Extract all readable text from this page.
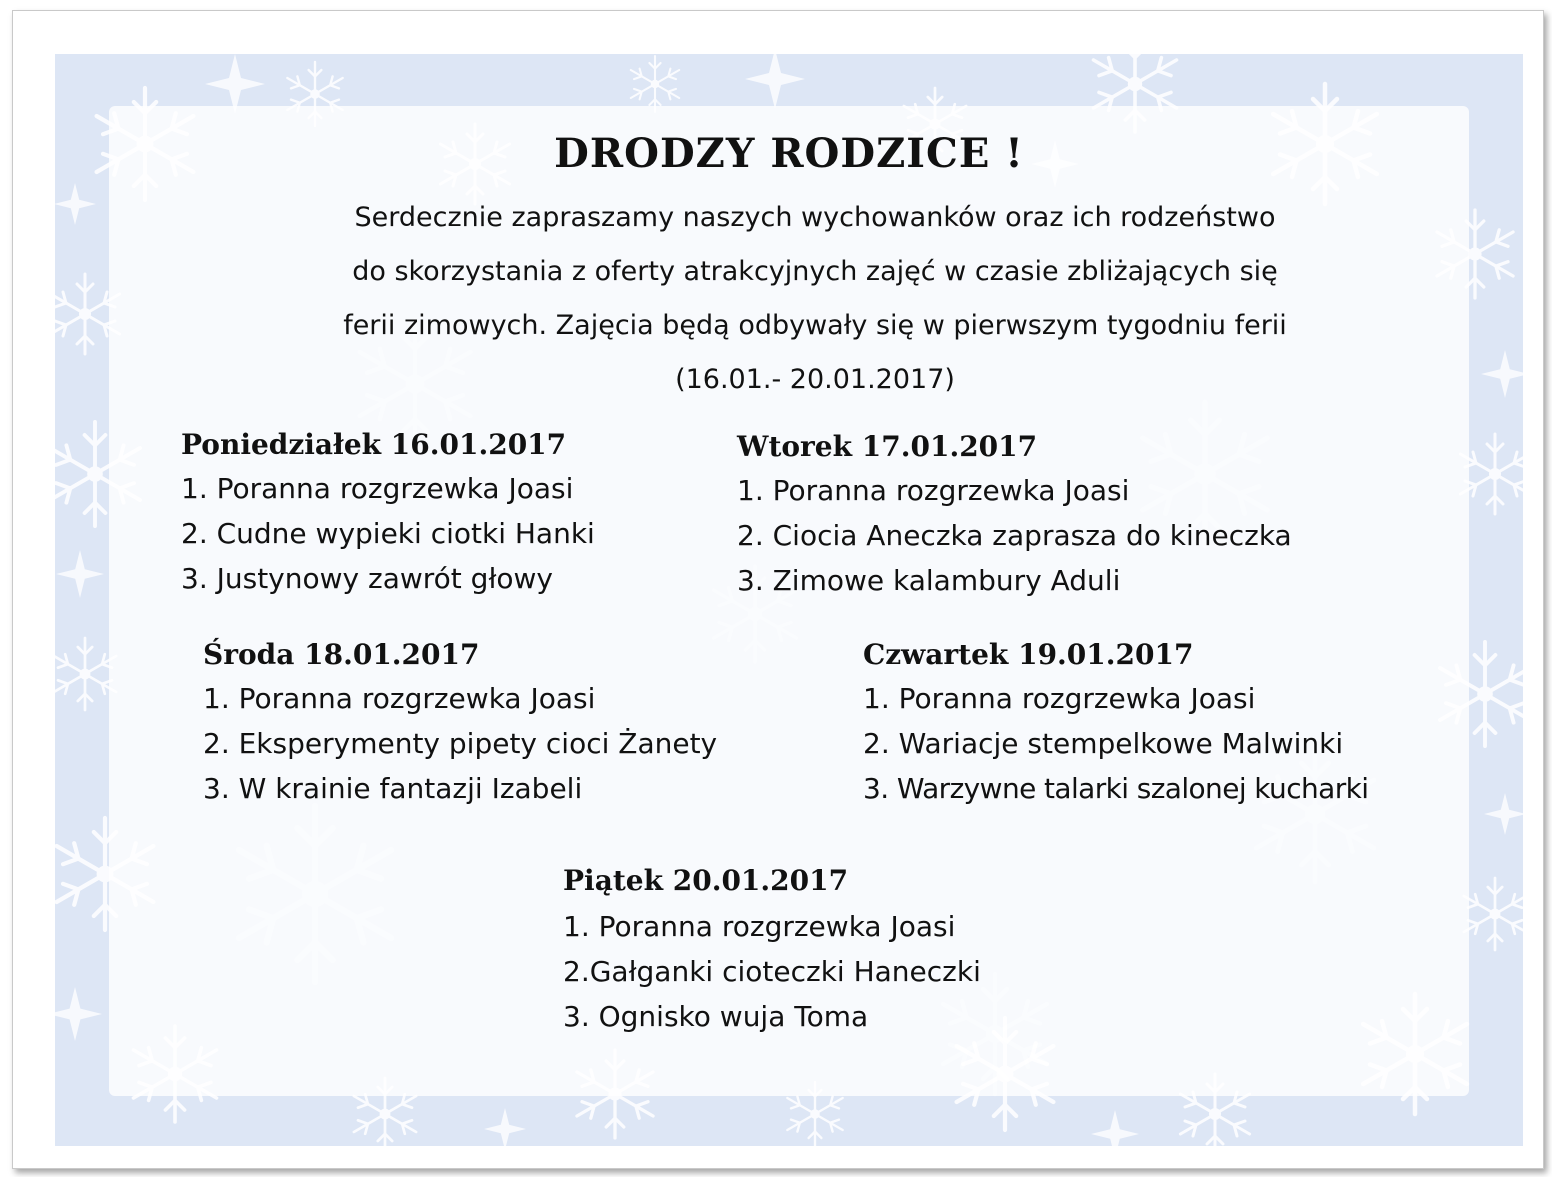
DRODZY RODZICE !
Serdecznie zapraszamy naszych wychowanków oraz ich rodzeństwo
do skorzystania z oferty atrakcyjnych zajęć w czasie zbliżających się
ferii zimowych. Zajęcia będą odbywały się w pierwszym tygodniu ferii
(16.01.- 20.01.2017)
Poniedziałek 16.01.2017
1. Poranna rozgrzewka Joasi
2. Cudne wypieki ciotki Hanki
3. Justynowy zawrót głowy
Wtorek 17.01.2017
1. Poranna rozgrzewka Joasi
2. Ciocia Aneczka zaprasza do kineczka
3. Zimowe kalambury Aduli
Środa 18.01.2017
1. Poranna rozgrzewka Joasi
2. Eksperymenty pipety cioci Żanety
3. W krainie fantazji Izabeli
Czwartek 19.01.2017
1. Poranna rozgrzewka Joasi
2. Wariacje stempelkowe Malwinki
3. Warzywne talarki szalonej kucharki
Piątek 20.01.2017
1. Poranna rozgrzewka Joasi
2.Gałganki cioteczki Haneczki
3. Ognisko wuja Toma
